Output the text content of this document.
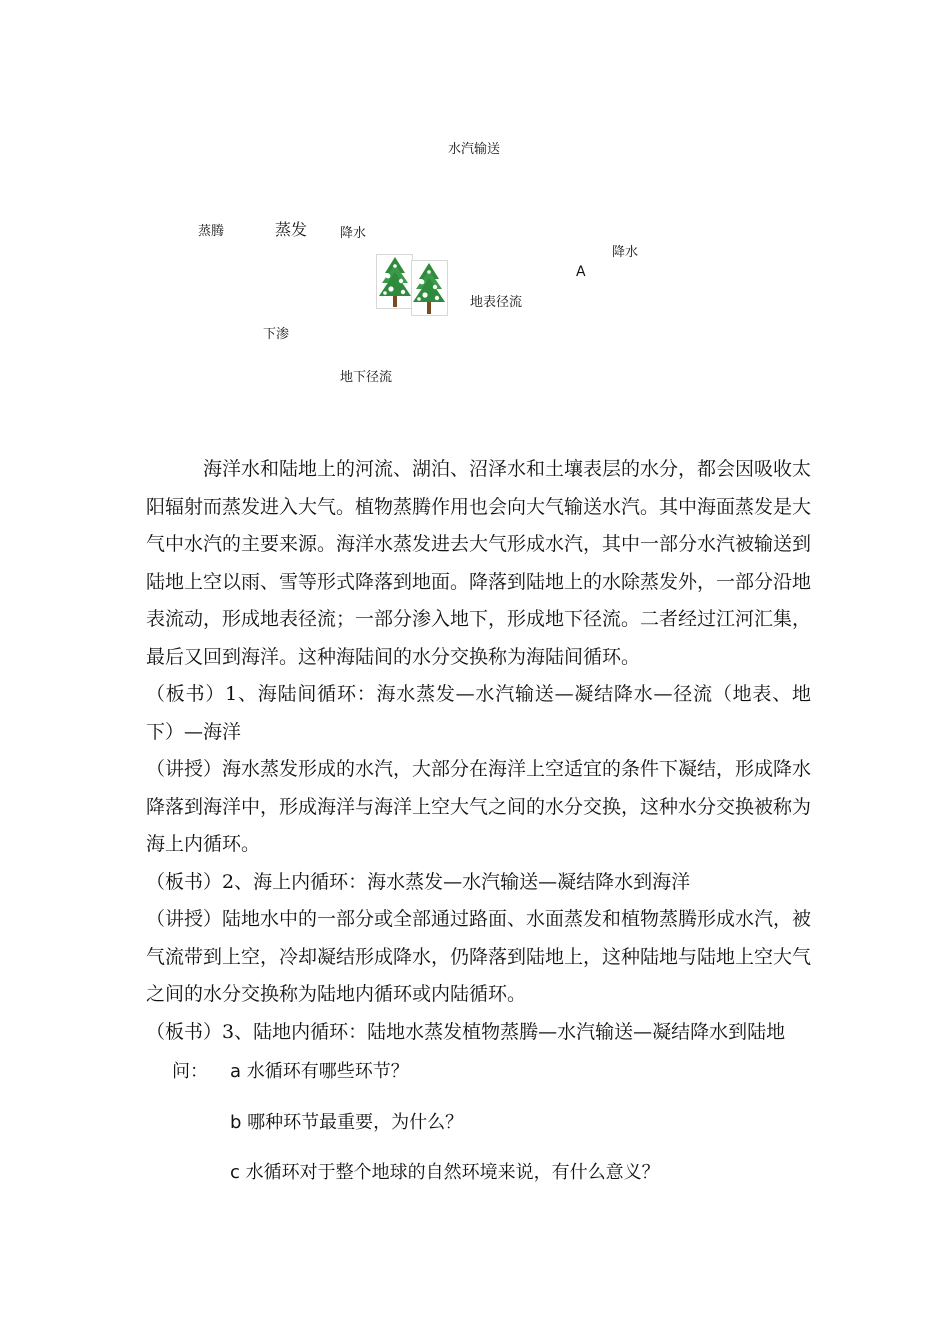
水汽输送
蒸腾	蒸发	降水
降水
A
地表径流
下渗
地下径流

海洋水和陆地上的河流、湖泊、沼泽水和土壤表层的水分，都会因吸收太阳辐射而蒸发进入大气。植物蒸腾作用也会向大气输送水汽。其中海面蒸发是大气中水汽的主要来源。海洋水蒸发进去大气形成水汽，其中一部分水汽被输送到陆地上空以雨、雪等形式降落到地面。降落到陆地上的水除蒸发外，一部分沿地表流动，形成地表径流；一部分渗入地下，形成地下径流。二者经过江河汇集，最后又回到海洋。这种海陆间的水分交换称为海陆间循环。

（板书）1、海陆间循环：海水蒸发—水汽输送—凝结降水—径流（地表、地下）—海洋

（讲授）海水蒸发形成的水汽，大部分在海洋上空适宜的条件下凝结，形成降水降落到海洋中，形成海洋与海洋上空大气之间的水分交换，这种水分交换被称为海上内循环。

（板书）2、海上内循环：海水蒸发—水汽输送—凝结降水到海洋

（讲授）陆地水中的一部分或全部通过路面、水面蒸发和植物蒸腾形成水汽，被气流带到上空，冷却凝结形成降水，仍降落到陆地上，这种陆地与陆地上空大气之间的水分交换称为陆地内循环或内陆循环。

（板书）3、陆地内循环：陆地水蒸发植物蒸腾—水汽输送—凝结降水到陆地

问： a 水循环有哪些环节？
b 哪种环节最重要，为什么？
c 水循环对于整个地球的自然环境来说，有什么意义？
